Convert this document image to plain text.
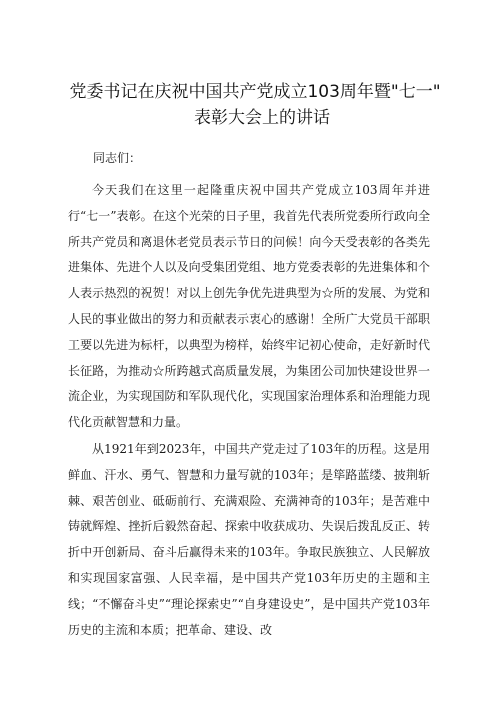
党委书记在庆祝中国共产党成立103周年暨"七一"
表彰大会上的讲话
同志们：

今天我们在这里一起隆重庆祝中国共产党成立103周年并进行“七一”表彰。在这个光荣的日子里，我首先代表所党委所行政向全所共产党员和离退休老党员表示节日的问候！向今天受表彰的各类先进集体、先进个人以及向受集团党组、地方党委表彰的先进集体和个人表示热烈的祝贺！对以上创先争优先进典型为☆所的发展、为党和人民的事业做出的努力和贡献表示衷心的感谢！全所广大党员干部职工要以先进为标杆，以典型为榜样，始终牢记初心使命，走好新时代长征路，为推动☆所跨越式高质量发展，为集团公司加快建设世界一流企业，为实现国防和军队现代化，实现国家治理体系和治理能力现代化贡献智慧和力量。

从1921年到2023年，中国共产党走过了103年的历程。这是用鲜血、汗水、勇气、智慧和力量写就的103年；是筚路蓝缕、披荆斩棘、艰苦创业、砥砺前行、充满艰险、充满神奇的103年；是苦难中铸就辉煌、挫折后毅然奋起、探索中收获成功、失误后拨乱反正、转折中开创新局、奋斗后赢得未来的103年。争取民族独立、人民解放和实现国家富强、人民幸福，是中国共产党103年历史的主题和主线；“不懈奋斗史”“理论探索史”“自身建设史”，是中国共产党103年历史的主流和本质；把革命、建设、改
